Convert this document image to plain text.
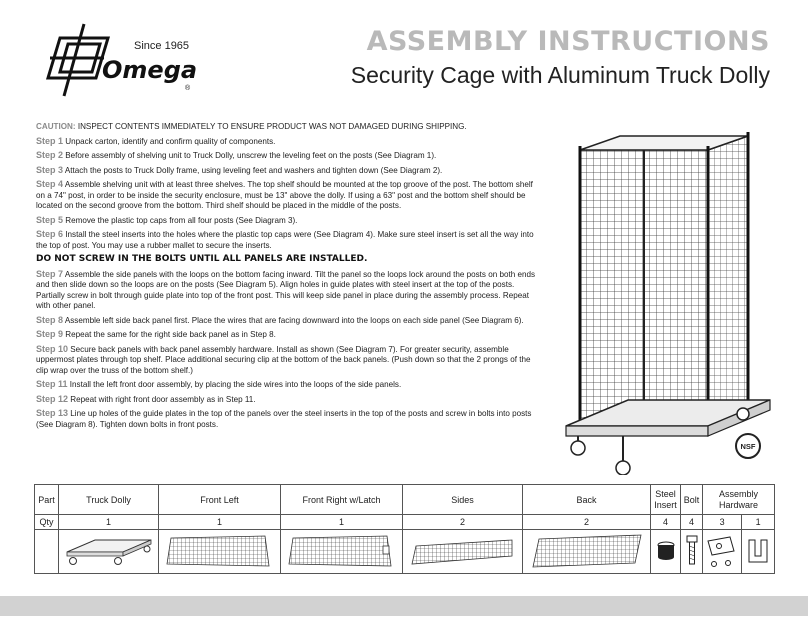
Omega
®
Since 1965	ASSEMBLY INSTRUCTIONS
Security Cage with Aluminum Truck Dolly
CAUTION: INSPECT CONTENTS IMMEDIATELY TO ENSURE PRODUCT WAS NOT DAMAGED DURING SHIPPING.
Step 1 Unpack carton, identify and confirm quality of components.
Step 2 Before assembly of shelving unit to Truck Dolly, unscrew the leveling feet on the posts (See Diagram 1).
Step 3 Attach the posts to Truck Dolly frame, using leveling feet and washers and tighten down (See Diagram 2).
Step 4 Assemble shelving unit with at least three shelves. The top shelf should be mounted at the top groove of the post. The bottom shelf on a 74" post, in order to be inside the security enclosure, must be 13" above the dolly. If using a 63" post and the bottom shelf should be located on the second groove from the bottom. Third shelf should be placed in the middle of the posts.
Step 5 Remove the plastic top caps from all four posts (See Diagram 3).
Step 6 Install the steel inserts into the holes where the plastic top caps were (See Diagram 4). Make sure steel insert is set all the way into the top of post. You may use a rubber mallet to secure the inserts.
DO NOT SCREW IN THE BOLTS UNTIL ALL PANELS ARE INSTALLED.
Step 7 Assemble the side panels with the loops on the bottom facing inward. Tilt the panel so the loops lock around the posts on both ends and then slide down so the loops are on the posts (See Diagram 5). Align holes in guide plates with steel insert at the top of the posts. Partially screw in bolt through guide plate into top of the front post. This will keep side panel in place during the assembly process. Repeat with other panel.
Step 8 Assemble left side back panel first. Place the wires that are facing downward into the loops on each side panel (See Diagram 6).
Step 9 Repeat the same for the right side back panel as in Step 8.
Step 10 Secure back panels with back panel assembly hardware. Install as shown (See Diagram 7). For greater security, assemble uppermost plates through top shelf. Place additional securing clip at the bottom of the back panels. (Push down so that the 2 prongs of the clip wrap over the truss of the bottom shelf.)
Step 11 Install the left front door assembly, by placing the side wires into the loops of the side panels.
Step 12 Repeat with right front door assembly as in Step 11.
Step 13 Line up holes of the guide plates in the top of the panels over the steel inserts in the top of the posts and screw in bolts into posts (See Diagram 8). Tighten down bolts in front posts.
NSF
Part	Truck Dolly	Front Left	Front Right w/Latch	Sides	Back	Steel Insert	Bolt	Assembly Hardware	
Qty	1	1	1	2	2	4	4	3	1
